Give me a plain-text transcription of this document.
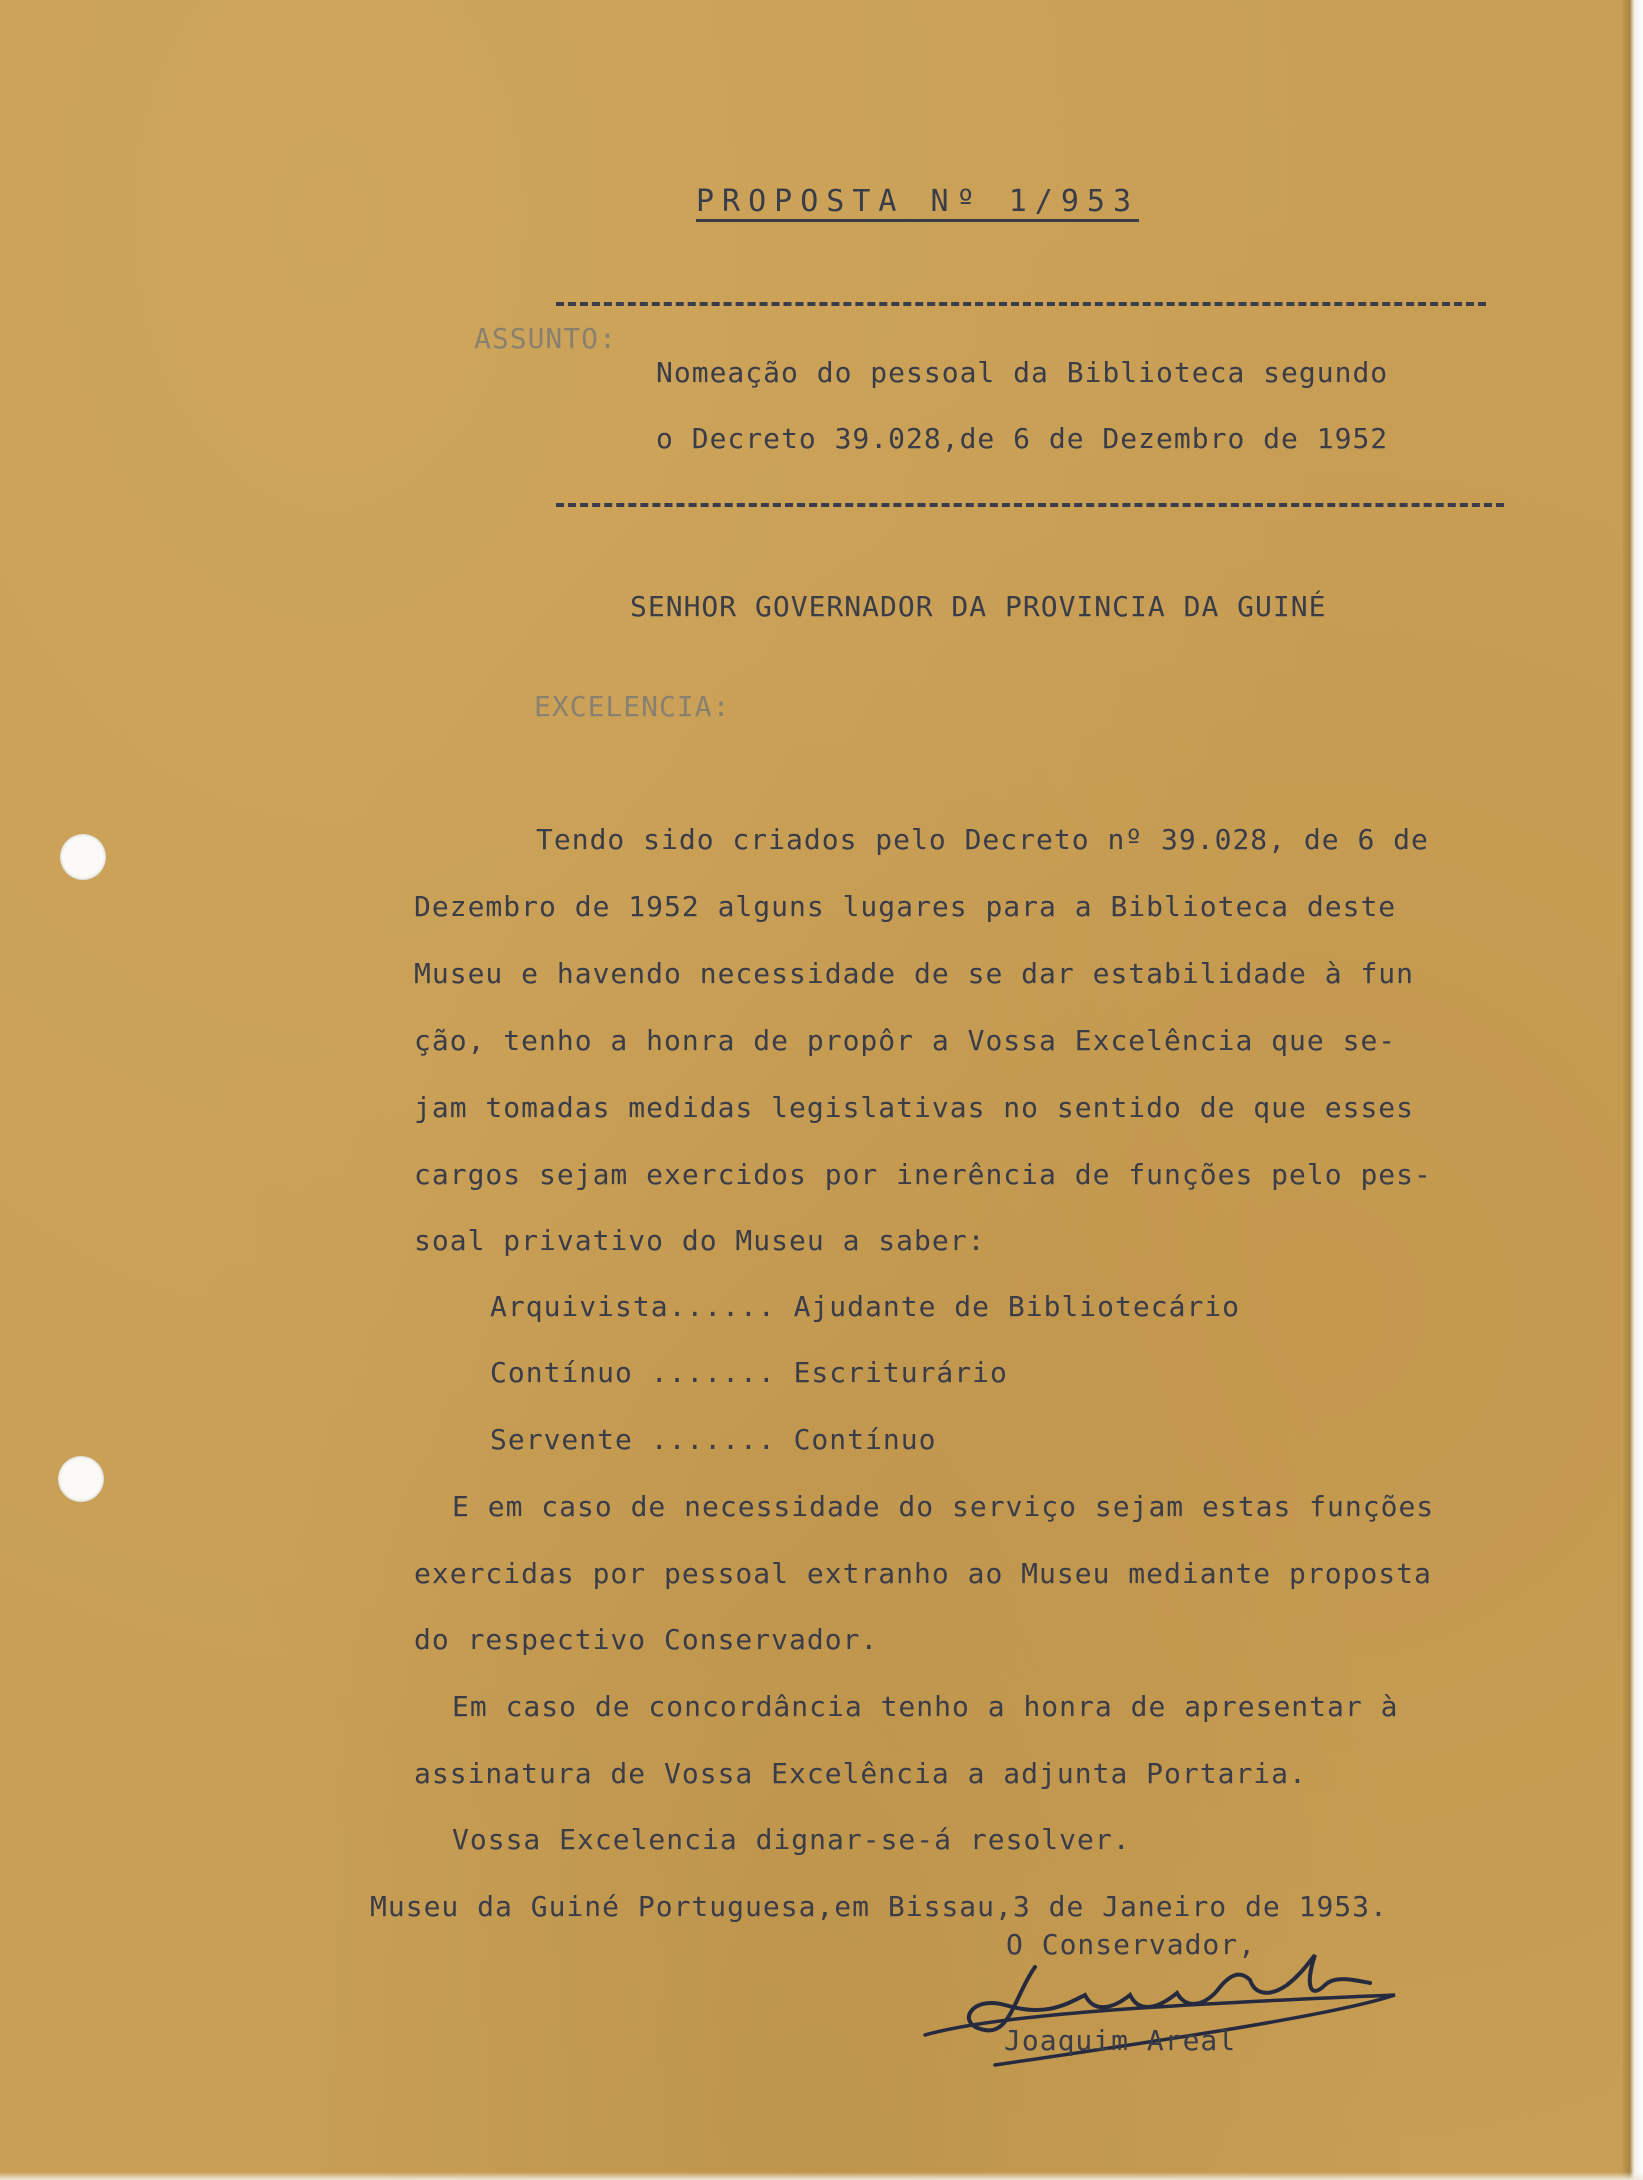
PROPOSTA Nº 1/953
ASSUNTO:
Nomeação do pessoal da Biblioteca segundo
o Decreto 39.028,de 6 de Dezembro de 1952
SENHOR GOVERNADOR DA PROVINCIA DA GUINÉ
EXCELENCIA:
Tendo sido criados pelo Decreto nº 39.028, de 6 de
Dezembro de 1952 alguns lugares para a Biblioteca deste
Museu e havendo necessidade de se dar estabilidade à fun
ção, tenho a honra de propôr a Vossa Excelência que se-
jam tomadas medidas legislativas no sentido de que esses
cargos sejam exercidos por inerência de funções pelo pes-
soal privativo do Museu a saber:
Arquivista...... Ajudante de Bibliotecário
Contínuo ....... Escriturário
Servente ....... Contínuo
E em caso de necessidade do serviço sejam estas funções
exercidas por pessoal extranho ao Museu mediante proposta
do respectivo Conservador.
Em caso de concordância tenho a honra de apresentar à
assinatura de Vossa Excelência a adjunta Portaria.
Vossa Excelencia dignar-se-á resolver.
Museu da Guiné Portuguesa,em Bissau,3 de Janeiro de 1953.
O Conservador,
Joaquim Areal
